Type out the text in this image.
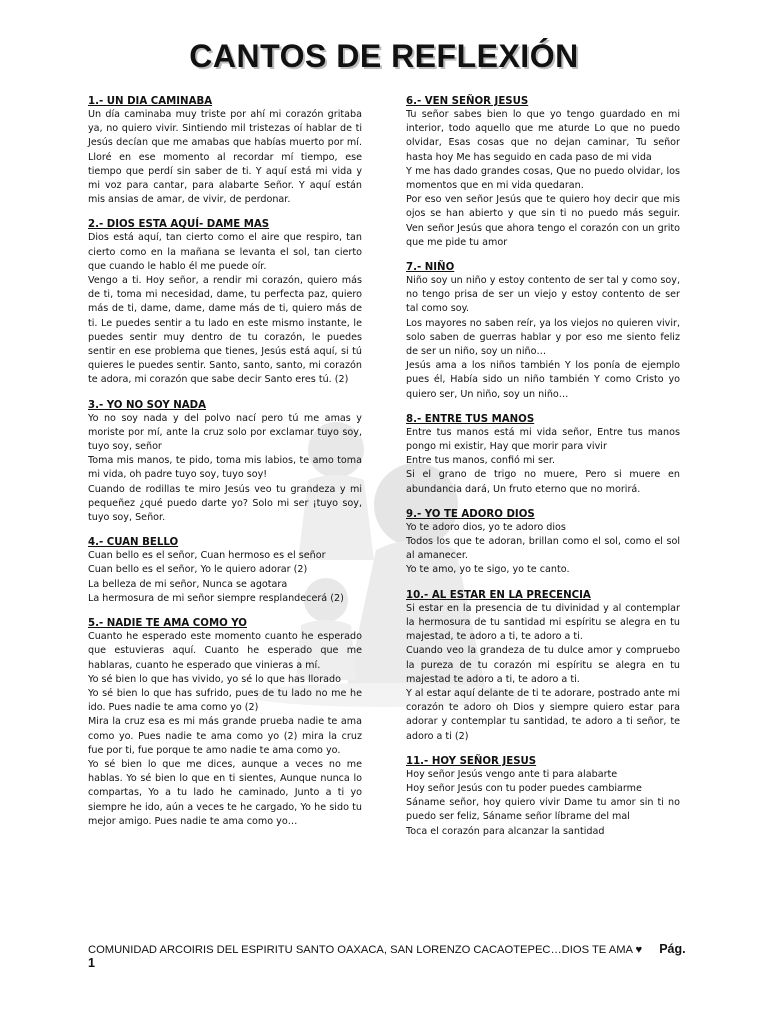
CANTOS DE REFLEXIÓN
1.- UN DIA CAMINABA

Un día caminaba muy triste por ahí mi corazón gritaba ya, no quiero vivir. Sintiendo mil tristezas oí hablar de ti Jesús decían que me amabas que habías muerto por mí. Lloré en ese momento al recordar mí tiempo, ese tiempo que perdí sin saber de ti. Y aquí está mi vida y mi voz para cantar, para alabarte Señor. Y aquí están mis ansias de amar, de vivir, de perdonar.

2.- DIOS ESTA AQUÍ- DAME MAS

Dios está aquí, tan cierto como el aire que respiro, tan cierto como en la mañana se levanta el sol, tan cierto que cuando le hablo él me puede oír.

Vengo a ti. Hoy señor, a rendir mi corazón, quiero más de ti, toma mi necesidad, dame, tu perfecta paz, quiero más de ti, dame, dame, dame más de ti, quiero más de ti. Le puedes sentir a tu lado en este mismo instante, le puedes sentir muy dentro de tu corazón, le puedes sentir en ese problema que tienes, Jesús está aquí, si tú quieres le puedes sentir. Santo, santo, santo, mi corazón te adora, mi corazón que sabe decir Santo eres tú. (2)

3.- YO NO SOY NADA

Yo no soy nada y del polvo nací pero tú me amas y moriste por mí, ante la cruz solo por exclamar tuyo soy, tuyo soy, señor

Toma mis manos, te pido, toma mis labios, te amo toma mi vida, oh padre tuyo soy, tuyo soy!

Cuando de rodillas te miro Jesús veo tu grandeza y mi pequeñez ¿qué puedo darte yo? Solo mi ser ¡tuyo soy, tuyo soy, Señor.

4.- CUAN BELLO

Cuan bello es el señor, Cuan hermoso es el señor

Cuan bello es el señor, Yo le quiero adorar (2)

La belleza de mi señor, Nunca se agotara

La hermosura de mi señor siempre resplandecerá (2)

5.- NADIE TE AMA COMO YO

Cuanto he esperado este momento cuanto he esperado que estuvieras aquí. Cuanto he esperado que me hablaras, cuanto he esperado que vinieras a mí.

Yo sé bien lo que has vivido, yo sé lo que has llorado

Yo sé bien lo que has sufrido, pues de tu lado no me he ido. Pues nadie te ama como yo (2)

Mira la cruz esa es mi más grande prueba nadie te ama como yo. Pues nadie te ama como yo (2) mira la cruz fue por ti, fue porque te amo nadie te ama como yo.

Yo sé bien lo que me dices, aunque a veces no me hablas. Yo sé bien lo que en ti sientes, Aunque nunca lo compartas, Yo a tu lado he caminado, Junto a ti yo siempre he ido, aún a veces te he cargado, Yo he sido tu mejor amigo. Pues nadie te ama como yo…

6.- VEN SEÑOR JESUS

Tu señor sabes bien lo que yo tengo guardado en mi interior, todo aquello que me aturde Lo que no puedo olvidar, Esas cosas que no dejan caminar, Tu señor hasta hoy Me has seguido en cada paso de mi vida

Y me has dado grandes cosas, Que no puedo olvidar, los momentos que en mi vida quedaran.

Por eso ven señor Jesús que te quiero hoy decir que mis ojos se han abierto y que sin ti no puedo más seguir. Ven señor Jesús que ahora tengo el corazón con un grito que me pide tu amor

7.- NIÑO

Niño soy un niño y estoy contento de ser tal y como soy, no tengo prisa de ser un viejo y estoy contento de ser tal como soy.

Los mayores no saben reír, ya los viejos no quieren vivir, solo saben de guerras hablar y por eso me siento feliz de ser un niño, soy un niño…

Jesús ama a los niños también Y los ponía de ejemplo pues él, Había sido un niño también Y como Cristo yo quiero ser, Un niño, soy un niño…

8.- ENTRE TUS MANOS

Entre tus manos está mi vida señor, Entre tus manos pongo mi existir, Hay que morir para vivir

Entre tus manos, confió mi ser.

Si el grano de trigo no muere, Pero si muere en abundancia dará, Un fruto eterno que no morirá.

9.- YO TE ADORO DIOS

Yo te adoro dios, yo te adoro dios

Todos los que te adoran, brillan como el sol, como el sol al amanecer.

Yo te amo, yo te sigo, yo te canto.

10.- AL ESTAR EN LA PRECENCIA

Si estar en la presencia de tu divinidad y al contemplar la hermosura de tu santidad mi espíritu se alegra en tu majestad, te adoro a ti, te adoro a ti.

Cuando veo la grandeza de tu dulce amor y compruebo la pureza de tu corazón mi espíritu se alegra en tu majestad te adoro a ti, te adoro a ti.

Y al estar aquí delante de ti te adorare, postrado ante mi corazón te adoro oh Dios y siempre quiero estar para adorar y contemplar tu santidad, te adoro a ti señor, te adoro a ti (2)

11.- HOY SEÑOR JESUS

Hoy señor Jesús vengo ante ti para alabarte

Hoy señor Jesús con tu poder puedes cambiarme

Sáname señor, hoy quiero vivir Dame tu amor sin ti no puedo ser feliz, Sáname señor líbrame del mal

Toca el corazón para alcanzar la santidad

COMUNIDAD ARCOIRIS DEL ESPIRITU SANTO OAXACA, SAN LORENZO CACAOTEPEC…DIOS TE AMA ♥ Pág. 1
